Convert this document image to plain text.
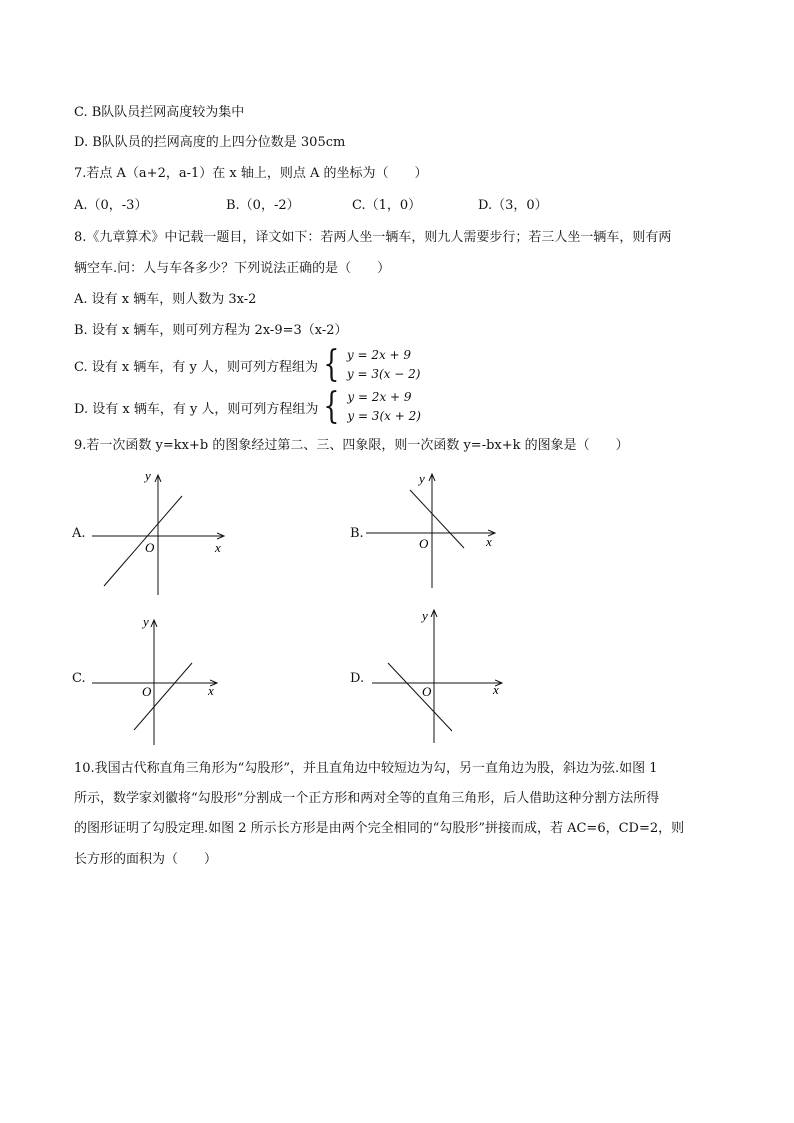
C. B队队员拦网高度较为集中
D. B队队员的拦网高度的上四分位数是 305cm
7.若点 A（a+2，a-1）在 x 轴上，则点 A 的坐标为（　　）
A.（0，-3）	B.（0，-2）	C.（1，0）	D.（3，0）
8.《九章算术》中记载一题目，译文如下：若两人坐一辆车，则九人需要步行；若三人坐一辆车，则有两
辆空车.问：人与车各多少？下列说法正确的是（　　）
A. 设有 x 辆车，则人数为 3x-2
B. 设有 x 辆车，则可列方程为 2x-9=3（x-2）
C. 设有 x 辆车，有 y 人，则可列方程组为 { y = 2x + 9
y = 3(x − 2)
D. 设有 x 辆车，有 y 人，则可列方程组为 { y = 2x + 9
y = 3(x + 2)
9.若一次函数 y=kx+b 的图象经过第二、三、四象限，则一次函数 y=-bx+k 的图象是（　　）
A.	B.
C.	D.
O	x
y
O	x
y
O	x
y
O	x
y
10.我国古代称直角三角形为“勾股形”，并且直角边中较短边为勾，另一直角边为股，斜边为弦.如图 1
所示，数学家刘徽将“勾股形”分割成一个正方形和两对全等的直角三角形，后人借助这种分割方法所得
的图形证明了勾股定理.如图 2 所示长方形是由两个完全相同的“勾股形”拼接而成，若 AC=6，CD=2，则
长方形的面积为（　　）
